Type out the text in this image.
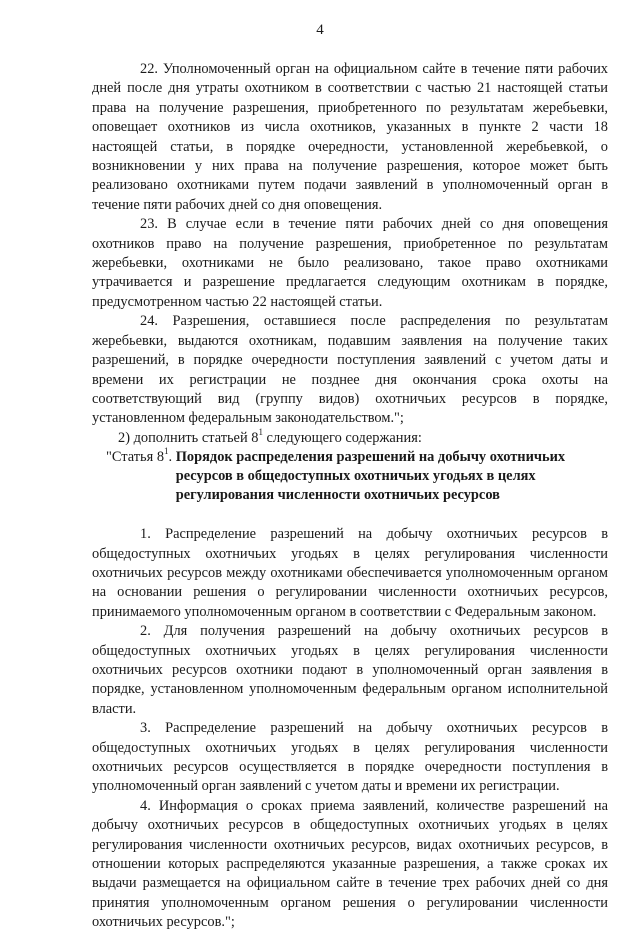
4

22. Уполномоченный орган на официальном сайте в течение пяти рабочих дней после дня утраты охотником в соответствии с частью 21 настоящей статьи права на получение разрешения, приобретенного по результатам жеребьевки, оповещает охотников из числа охотников, указанных в пункте 2 части 18 настоящей статьи, в порядке очередности, установленной жеребьевкой, о возникновении у них права на получение разрешения, которое может быть реализовано охотниками путем подачи заявлений в уполномоченный орган в течение пяти рабочих дней со дня оповещения.

23. В случае если в течение пяти рабочих дней со дня оповещения охотников право на получение разрешения, приобретенное по результатам жеребьевки, охотниками не было реализовано, такое право охотниками утрачивается и разрешение предлагается следующим охотникам в порядке, предусмотренном частью 22 настоящей статьи.

24. Разрешения, оставшиеся после распределения по результатам жеребьевки, выдаются охотникам, подавшим заявления на получение таких разрешений, в порядке очередности поступления заявлений с учетом даты и времени их регистрации не позднее дня окончания срока охоты на соответствующий вид (группу видов) охотничьих ресурсов в порядке, установленном федеральным законодательством.";

2) дополнить статьей $8^1$ следующего содержания:

"Статья $8^1$. Порядок распределения разрешений на добычу охотничьих ресурсов в общедоступных охотничьих угодьях в целях регулирования численности охотничьих ресурсов

1. Распределение разрешений на добычу охотничьих ресурсов в общедоступных охотничьих угодьях в целях регулирования численности охотничьих ресурсов между охотниками обеспечивается уполномоченным органом на основании решения о регулировании численности охотничьих ресурсов, принимаемого уполномоченным органом в соответствии с Федеральным законом.

2. Для получения разрешений на добычу охотничьих ресурсов в общедоступных охотничьих угодьях в целях регулирования численности охотничьих ресурсов охотники подают в уполномоченный орган заявления в порядке, установленном уполномоченным федеральным органом исполнительной власти.

3. Распределение разрешений на добычу охотничьих ресурсов в общедоступных охотничьих угодьях в целях регулирования численности охотничьих ресурсов осуществляется в порядке очередности поступления в уполномоченный орган заявлений с учетом даты и времени их регистрации.

4. Информация о сроках приема заявлений, количестве разрешений на добычу охотничьих ресурсов в общедоступных охотничьих угодьях в целях регулирования численности охотничьих ресурсов, видах охотничьих ресурсов, в отношении которых распределяются указанные разрешения, а также сроках их выдачи размещается на официальном сайте в течение трех рабочих дней со дня принятия уполномоченным органом решения о регулировании численности охотничьих ресурсов.";
